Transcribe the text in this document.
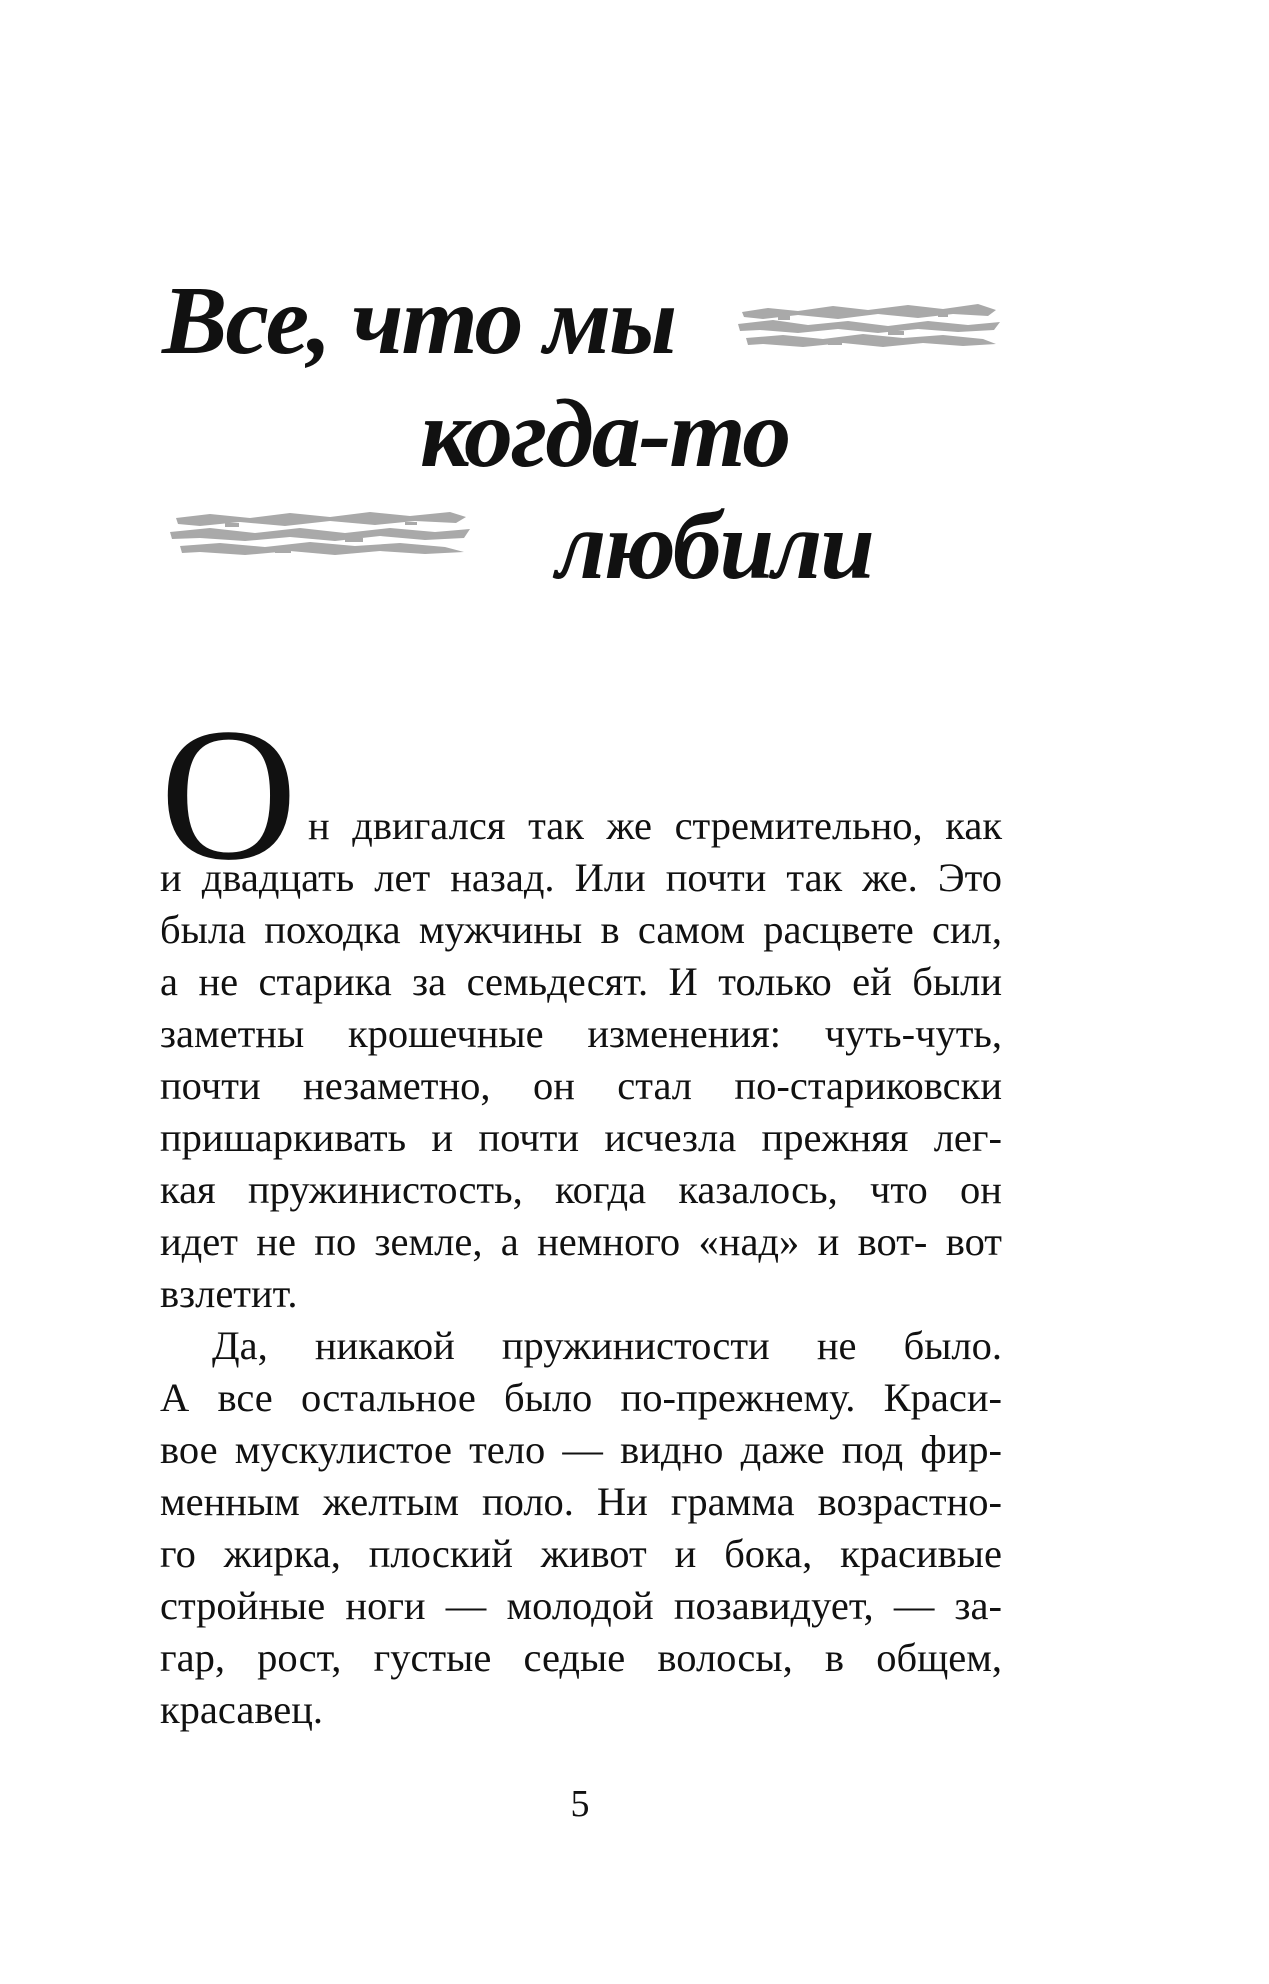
Все, что мы
когда-то
любили
О н двигался так же стремительно, как
и двадцать лет назад. Или почти так же. Это
была походка мужчины в самом расцвете сил,
а не старика за семьдесят. И только ей были
заметны крошечные изменения: чуть-чуть,
почти незаметно, он стал по-стариковски
пришаркивать и почти исчезла прежняя лег-
кая пружинистость, когда казалось, что он
идет не по земле, а немного «над» и вот- вот
взлетит.
Да, никакой пружинистости не было.
А все остальное было по-прежнему. Краси-
вое мускулистое тело — видно даже под фир-
менным желтым поло. Ни грамма возрастно-
го жирка, плоский живот и бока, красивые
стройные ноги — молодой позавидует, — за-
гар, рост, густые седые волосы, в общем,
красавец.
5
